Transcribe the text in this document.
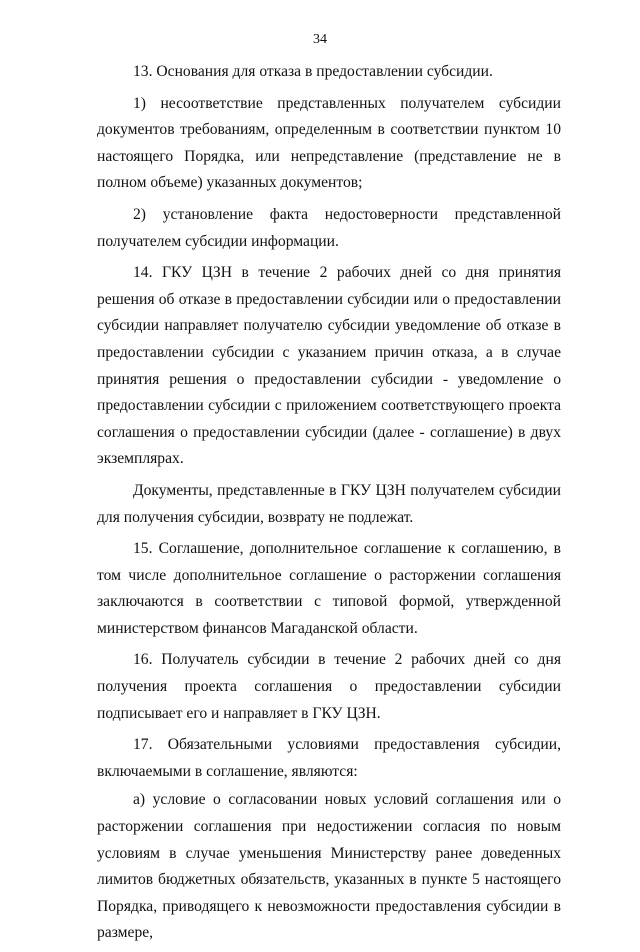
34

13. Основания для отказа в предоставлении субсидии.

1) несоответствие представленных получателем субсидии документов требованиям, определенным в соответствии пунктом 10 настоящего Порядка, или непредставление (представление не в полном объеме) указанных документов;

2) установление факта недостоверности представленной получателем субсидии информации.

14. ГКУ ЦЗН в течение 2 рабочих дней со дня принятия решения об отказе в предоставлении субсидии или о предоставлении субсидии направляет получателю субсидии уведомление об отказе в предоставлении субсидии с указанием причин отказа, а в случае принятия решения о предоставлении субсидии - уведомление о предоставлении субсидии с приложением соответствующего проекта соглашения о предоставлении субсидии (далее - соглашение) в двух экземплярах.

Документы, представленные в ГКУ ЦЗН получателем субсидии для получения субсидии, возврату не подлежат.

15. Соглашение, дополнительное соглашение к соглашению, в том числе дополнительное соглашение о расторжении соглашения заключаются в соответствии с типовой формой, утвержденной министерством финансов Магаданской области.

16. Получатель субсидии в течение 2 рабочих дней со дня получения проекта соглашения о предоставлении субсидии подписывает его и направляет в ГКУ ЦЗН.

17. Обязательными условиями предоставления субсидии, включаемыми в соглашение, являются:

а) условие о согласовании новых условий соглашения или о расторжении соглашения при недостижении согласия по новым условиям в случае уменьшения Министерству ранее доведенных лимитов бюджетных обязательств, указанных в пункте 5 настоящего Порядка, приводящего к невозможности предоставления субсидии в размере,
